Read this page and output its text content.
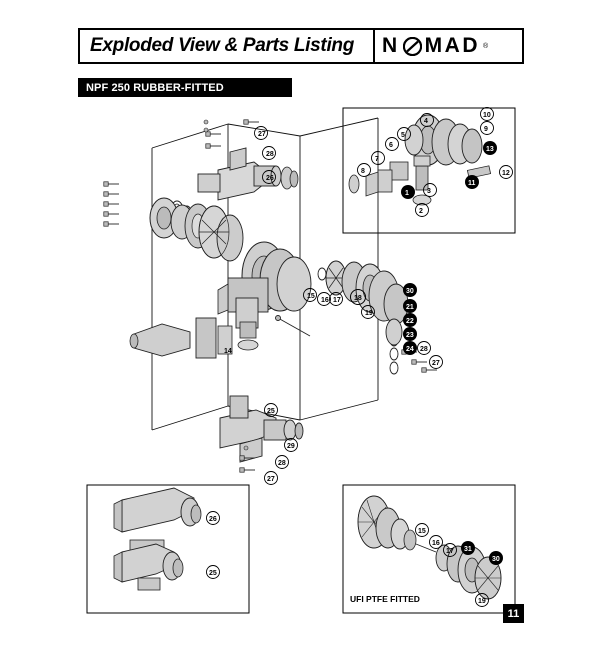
Exploded View & Parts Listing N MAD ®
NPF 250 RUBBER-FITTED
UFI PTFE FITTED
27
28
26
14
15
16 17 18
19
30
21
22
23
24 28
27
25
29
28
27
10
9
13
12
11
4
5
6
7
8
3
1
2
26
25
15
16
17 31
30
19
11
